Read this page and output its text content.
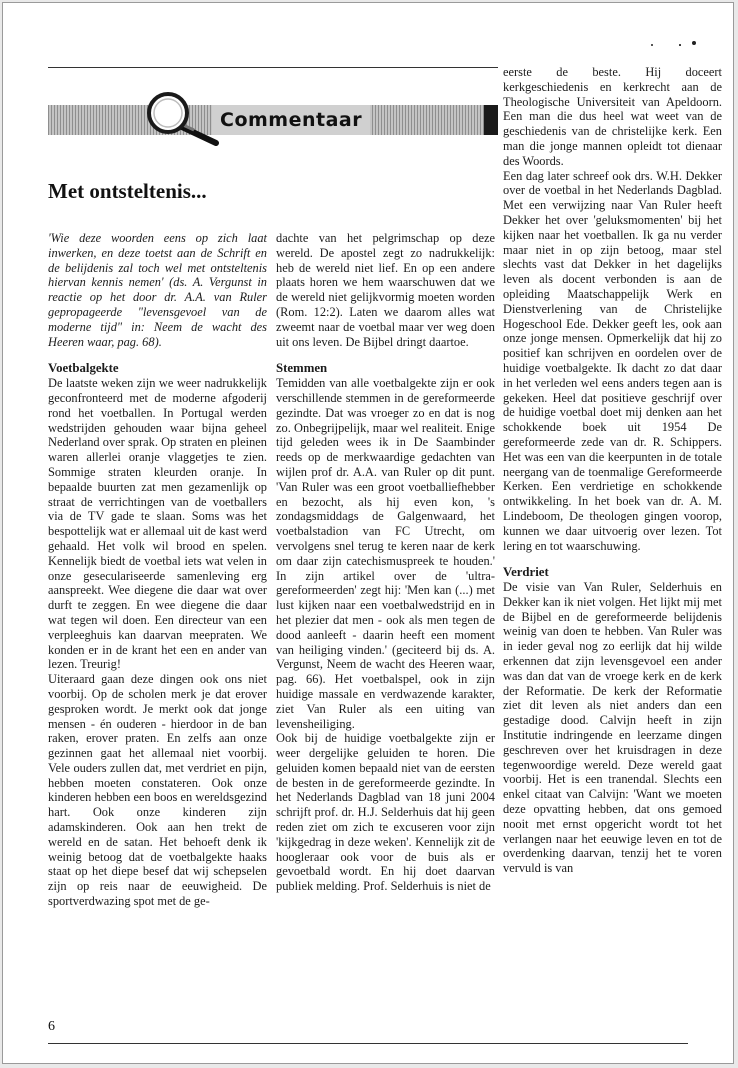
Commentaar
Met ontsteltenis...

'Wie deze woorden eens op zich laat inwerken, en deze toetst aan de Schrift en de belijdenis zal toch wel met ontsteltenis hiervan kennis nemen' (ds. A. Vergunst in reactie op het door dr. A.A. van Ruler gepropageerde "levensgevoel van de moderne tijd" in: Neem de wacht des Heeren waar, pag. 68).

Voetbalgekte

De laatste weken zijn we weer nadrukkelijk geconfronteerd met de moderne afgoderij rond het voetballen. In Portugal werden wedstrijden gehouden waar bijna geheel Nederland over sprak. Op straten en pleinen waren allerlei oranje vlaggetjes te zien. Sommige straten kleurden oranje. In bepaalde buurten zat men gezamenlijk op straat de verrichtingen van de voetballers via de TV gade te slaan. Soms was het bespottelijk wat er allemaal uit de kast werd gehaald. Het volk wil brood en spelen. Kennelijk biedt de voetbal iets wat velen in onze geseculariseerde samenleving erg aanspreekt. Wee diegene die daar wat over durft te zeggen. En wee diegene die daar wat tegen wil doen. Een directeur van een verpleeghuis kan daarvan meepraten. We konden er in de krant het een en ander van lezen. Treurig!

Uiteraard gaan deze dingen ook ons niet voorbij. Op de scholen merk je dat erover gesproken wordt. Je merkt ook dat jonge mensen - én ouderen - hierdoor in de ban raken, erover praten. En zelfs aan onze gezinnen gaat het allemaal niet voorbij. Vele ouders zullen dat, met verdriet en pijn, hebben moeten constateren. Ook onze kinderen hebben een boos en wereldsgezind hart. Ook onze kinderen zijn adamskinderen. Ook aan hen trekt de wereld en de satan. Het behoeft denk ik weinig betoog dat de voetbalgekte haaks staat op het diepe besef dat wij schepselen zijn op reis naar de eeuwigheid. De sportverdwazing spot met de ge-

dachte van het pelgrimschap op deze wereld. De apostel zegt zo nadrukkelijk: heb de wereld niet lief. En op een andere plaats horen we hem waarschuwen dat we de wereld niet gelijkvormig moeten worden (Rom. 12:2). Laten we daarom alles wat zweemt naar de voetbal maar ver weg doen uit ons leven. De Bijbel dringt daartoe.

Stemmen

Temidden van alle voetbalgekte zijn er ook verschillende stemmen in de gereformeerde gezindte. Dat was vroeger zo en dat is nog zo. Onbegrijpelijk, maar wel realiteit. Enige tijd geleden wees ik in De Saambinder reeds op de merkwaardige gedachten van wijlen prof dr. A.A. van Ruler op dit punt. 'Van Ruler was een groot voetballiefhebber en bezocht, als hij even kon, 's zondagsmiddags de Galgenwaard, het voetbalstadion van FC Utrecht, om vervolgens snel terug te keren naar de kerk om daar zijn catechismuspreek te houden.' In zijn artikel over de 'ultra-gereformeerden' zegt hij: 'Men kan (...) met lust kijken naar een voetbalwedstrijd en in het plezier dat men - ook als men tegen de dood aanleeft - daarin heeft een moment van heiliging vinden.' (geciteerd bij ds. A. Vergunst, Neem de wacht des Heeren waar, pag. 66). Het voetbalspel, ook in zijn huidige massale en verdwazende karakter, ziet Van Ruler als een uiting van levensheiliging.

Ook bij de huidige voetbalgekte zijn er weer dergelijke geluiden te horen. Die geluiden komen bepaald niet van de eersten de besten in de gereformeerde gezindte. In het Nederlands Dagblad van 18 juni 2004 schrijft prof. dr. H.J. Selderhuis dat hij geen reden ziet om zich te excuseren voor zijn 'kijkgedrag in deze weken'. Kennelijk zit de hoogleraar ook voor de buis als er gevoetbald wordt. En hij doet daarvan publiek melding. Prof. Selderhuis is niet de

eerste de beste. Hij doceert kerkgeschiedenis en kerkrecht aan de Theologische Universiteit van Apeldoorn. Een man die dus heel wat weet van de geschiedenis van de christelijke kerk. Een man die jonge mannen opleidt tot dienaar des Woords.

Een dag later schreef ook drs. W.H. Dekker over de voetbal in het Nederlands Dagblad. Met een verwijzing naar Van Ruler heeft Dekker het over 'geluksmomenten' bij het kijken naar het voetballen. Ik ga nu verder maar niet in op zijn betoog, maar stel slechts vast dat Dekker in het dagelijks leven als docent verbonden is aan de opleiding Maatschappelijk Werk en Dienstverlening van de Christelijke Hogeschool Ede. Dekker geeft les, ook aan onze jonge mensen. Opmerkelijk dat hij zo positief kan schrijven en oordelen over de huidige voetbalgekte. Ik dacht zo dat daar in het verleden wel eens anders tegen aan is gekeken. Heel dat positieve geschrijf over de huidige voetbal doet mij denken aan het schokkende boek uit 1954 De gereformeerde zede van dr. R. Schippers. Het was een van die keerpunten in de totale neergang van de toenmalige Gereformeerde Kerken. Een verdrietige en schokkende ontwikkeling. In het boek van dr. A. M. Lindeboom, De theologen gingen voorop, kunnen we daar uitvoerig over lezen. Tot lering en tot waarschuwing.

Verdriet

De visie van Van Ruler, Selderhuis en Dekker kan ik niet volgen. Het lijkt mij met de Bijbel en de gereformeerde belijdenis weinig van doen te hebben. Van Ruler was in ieder geval nog zo eerlijk dat hij wilde erkennen dat zijn levensgevoel een ander was dan dat van de vroege kerk en de kerk der Reformatie. De kerk der Reformatie ziet dit leven als niet anders dan een gestadige dood. Calvijn heeft in zijn Institutie indringende en leerzame dingen geschreven over het kruisdragen in deze tegenwoordige wereld. Deze wereld gaat voorbij. Het is een tranendal. Slechts een enkel citaat van Calvijn: 'Want we moeten deze opvatting hebben, dat ons gemoed nooit met ernst opgericht wordt tot het verlangen naar het eeuwige leven en tot de overdenking daarvan, tenzij het te voren vervuld is van

6
